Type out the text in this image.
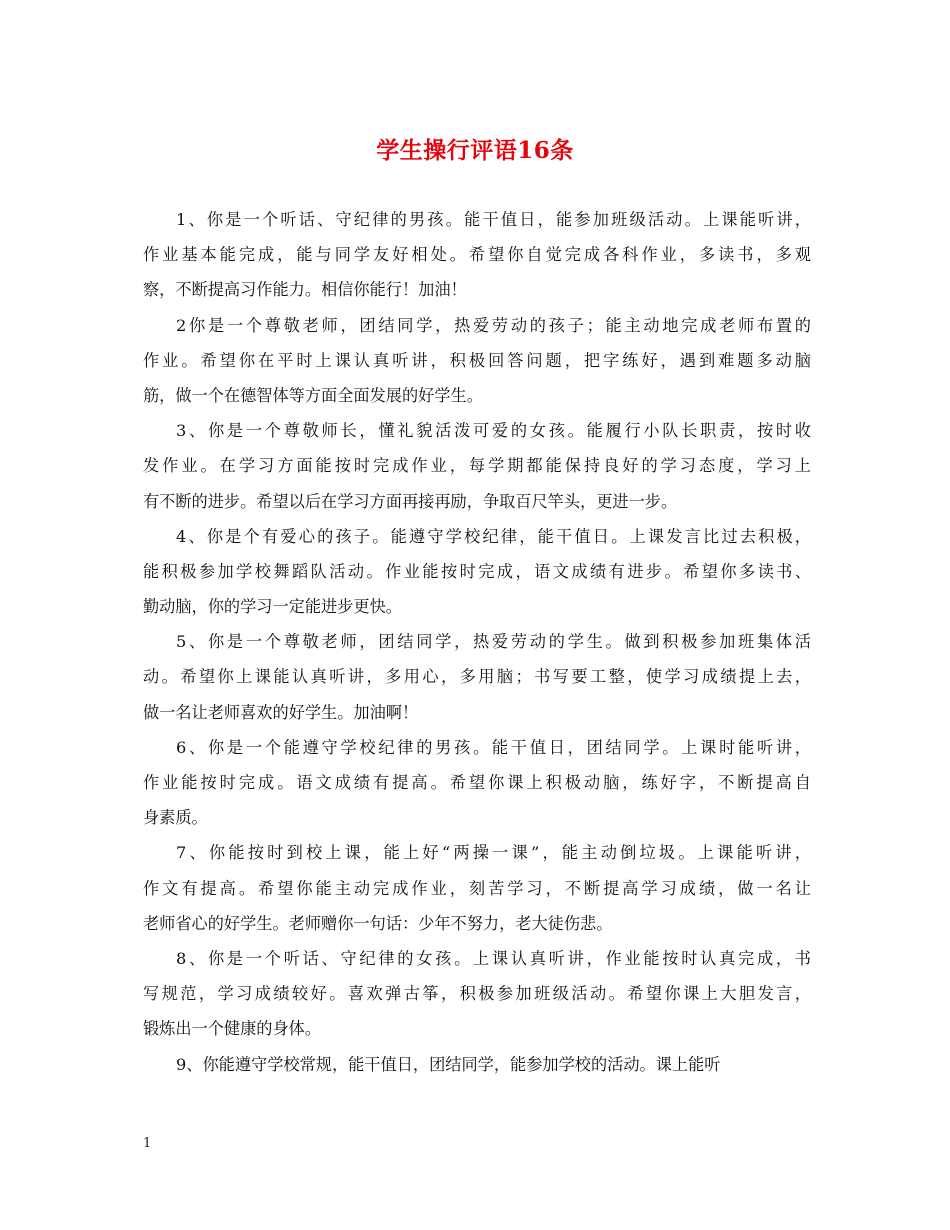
学生操行评语16条
1、你是一个听话、守纪律的男孩。能干值日，能参加班级活动。上课能听讲，
作业基本能完成，能与同学友好相处。希望你自觉完成各科作业，多读书，多观
察，不断提高习作能力。相信你能行！加油！
2你是一个尊敬老师，团结同学，热爱劳动的孩子；能主动地完成老师布置的
作业。希望你在平时上课认真听讲，积极回答问题，把字练好，遇到难题多动脑
筋，做一个在德智体等方面全面发展的好学生。
3、你是一个尊敬师长，懂礼貌活泼可爱的女孩。能履行小队长职责，按时收
发作业。在学习方面能按时完成作业，每学期都能保持良好的学习态度，学习上
有不断的进步。希望以后在学习方面再接再励，争取百尺竿头，更进一步。
4、你是个有爱心的孩子。能遵守学校纪律，能干值日。上课发言比过去积极，
能积极参加学校舞蹈队活动。作业能按时完成，语文成绩有进步。希望你多读书、
勤动脑，你的学习一定能进步更快。
5、你是一个尊敬老师，团结同学，热爱劳动的学生。做到积极参加班集体活
动。希望你上课能认真听讲，多用心，多用脑；书写要工整，使学习成绩提上去，
做一名让老师喜欢的好学生。加油啊！
6、你是一个能遵守学校纪律的男孩。能干值日，团结同学。上课时能听讲，
作业能按时完成。语文成绩有提高。希望你课上积极动脑，练好字，不断提高自
身素质。
7、你能按时到校上课，能上好“两操一课”，能主动倒垃圾。上课能听讲，
作文有提高。希望你能主动完成作业，刻苦学习，不断提高学习成绩，做一名让
老师省心的好学生。老师赠你一句话：少年不努力，老大徒伤悲。
8、你是一个听话、守纪律的女孩。上课认真听讲，作业能按时认真完成，书
写规范，学习成绩较好。喜欢弹古筝，积极参加班级活动。希望你课上大胆发言，
锻炼出一个健康的身体。
9、你能遵守学校常规，能干值日，团结同学，能参加学校的活动。课上能听
1
